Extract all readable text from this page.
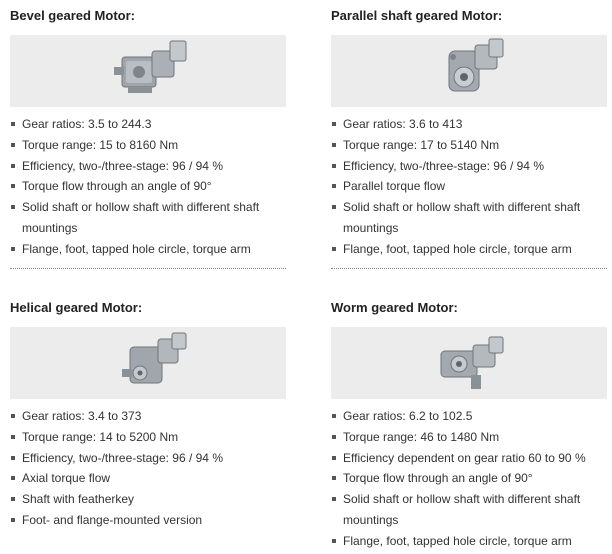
Bevel geared Motor:
Gear ratios: 3.5 to 244.3
Torque range: 15 to 8160 Nm
Efficiency, two-/three-stage: 96 / 94 %
Torque flow through an angle of 90°
Solid shaft or hollow shaft with different shaft mountings
Flange, foot, tapped hole circle, torque arm
Parallel shaft geared Motor:
Gear ratios: 3.6 to 413
Torque range: 17 to 5140 Nm
Efficiency, two-/three-stage: 96 / 94 %
Parallel torque flow
Solid shaft or hollow shaft with different shaft mountings
Flange, foot, tapped hole circle, torque arm
Helical geared Motor:
Gear ratios: 3.4 to 373
Torque range: 14 to 5200 Nm
Efficiency, two-/three-stage: 96 / 94 %
Axial torque flow
Shaft with featherkey
Foot- and flange-mounted version
Worm geared Motor:
Gear ratios: 6.2 to 102.5
Torque range: 46 to 1480 Nm
Efficiency dependent on gear ratio 60 to 90 %
Torque flow through an angle of 90°
Solid shaft or hollow shaft with different shaft mountings
Flange, foot, tapped hole circle, torque arm
